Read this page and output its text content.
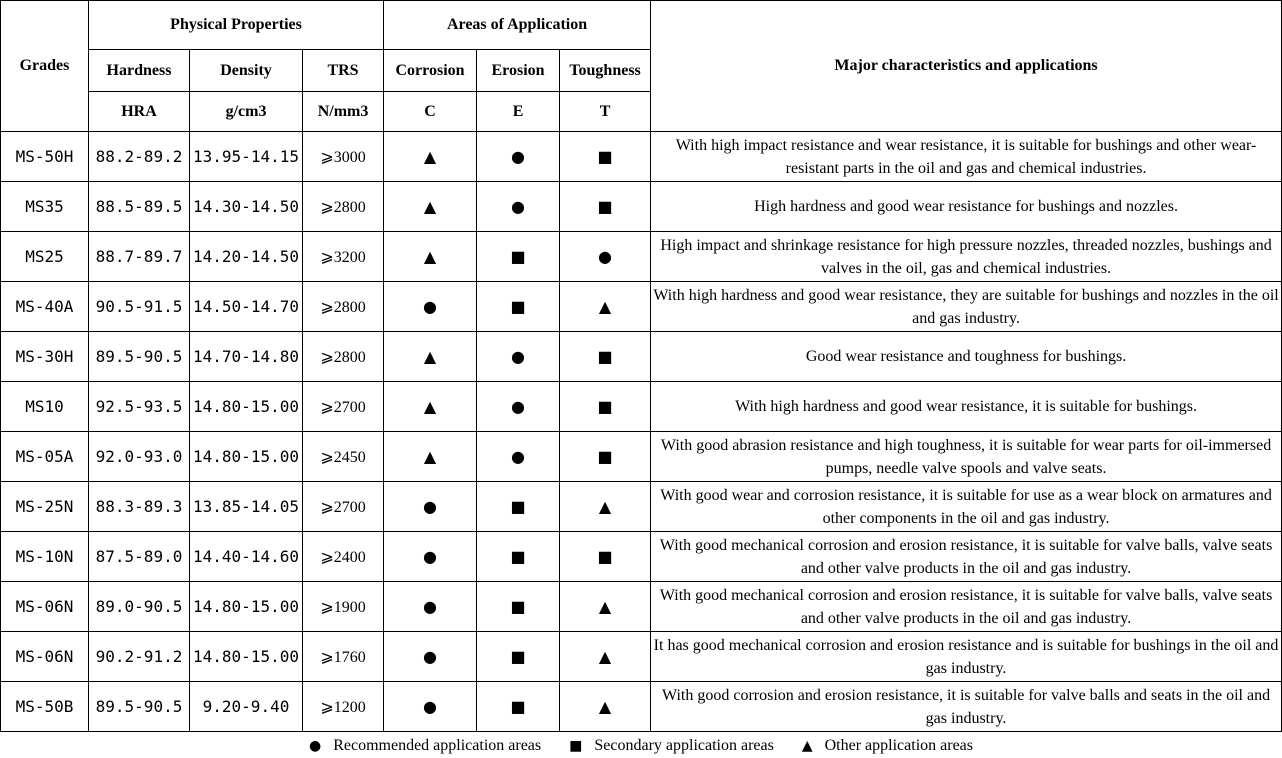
Grades	Physical Properties			Areas of Application			Major characteristics and applications
	Hardness	Density	TRS	Corrosion	Erosion	Toughness	
	HRA	g/cm3	N/mm3	C	E	T	
MS-50H	88.2-89.2	13.95-14.15	⩾3000	▲	●	■	With high impact resistance and wear resistance, it is suitable for bushings and other wear-resistant parts in the oil and gas and chemical industries.
MS35	88.5-89.5	14.30-14.50	⩾2800	▲	●	■	High hardness and good wear resistance for bushings and nozzles.
MS25	88.7-89.7	14.20-14.50	⩾3200	▲	■	●	High impact and shrinkage resistance for high pressure nozzles, threaded nozzles, bushings and valves in the oil, gas and chemical industries.
MS-40A	90.5-91.5	14.50-14.70	⩾2800	●	■	▲	With high hardness and good wear resistance, they are suitable for bushings and nozzles in the oil and gas industry.
MS-30H	89.5-90.5	14.70-14.80	⩾2800	▲	●	■	Good wear resistance and toughness for bushings.
MS10	92.5-93.5	14.80-15.00	⩾2700	▲	●	■	With high hardness and good wear resistance, it is suitable for bushings.
MS-05A	92.0-93.0	14.80-15.00	⩾2450	▲	●	■	With good abrasion resistance and high toughness, it is suitable for wear parts for oil-immersed pumps, needle valve spools and valve seats.
MS-25N	88.3-89.3	13.85-14.05	⩾2700	●	■	▲	With good wear and corrosion resistance, it is suitable for use as a wear block on armatures and other components in the oil and gas industry.
MS-10N	87.5-89.0	14.40-14.60	⩾2400	●	■	■	With good mechanical corrosion and erosion resistance, it is suitable for valve balls, valve seats and other valve products in the oil and gas industry.
MS-06N	89.0-90.5	14.80-15.00	⩾1900	●	■	▲	With good mechanical corrosion and erosion resistance, it is suitable for valve balls, valve seats and other valve products in the oil and gas industry.
MS-06N	90.2-91.2	14.80-15.00	⩾1760	●	■	▲	It has good mechanical corrosion and erosion resistance and is suitable for bushings in the oil and gas industry.
MS-50B	89.5-90.5	9.20-9.40	⩾1200	●	■	▲	With good corrosion and erosion resistance, it is suitable for valve balls and seats in the oil and gas industry.
● Recommended application areas ■ Secondary application areas ▲ Other application areas
